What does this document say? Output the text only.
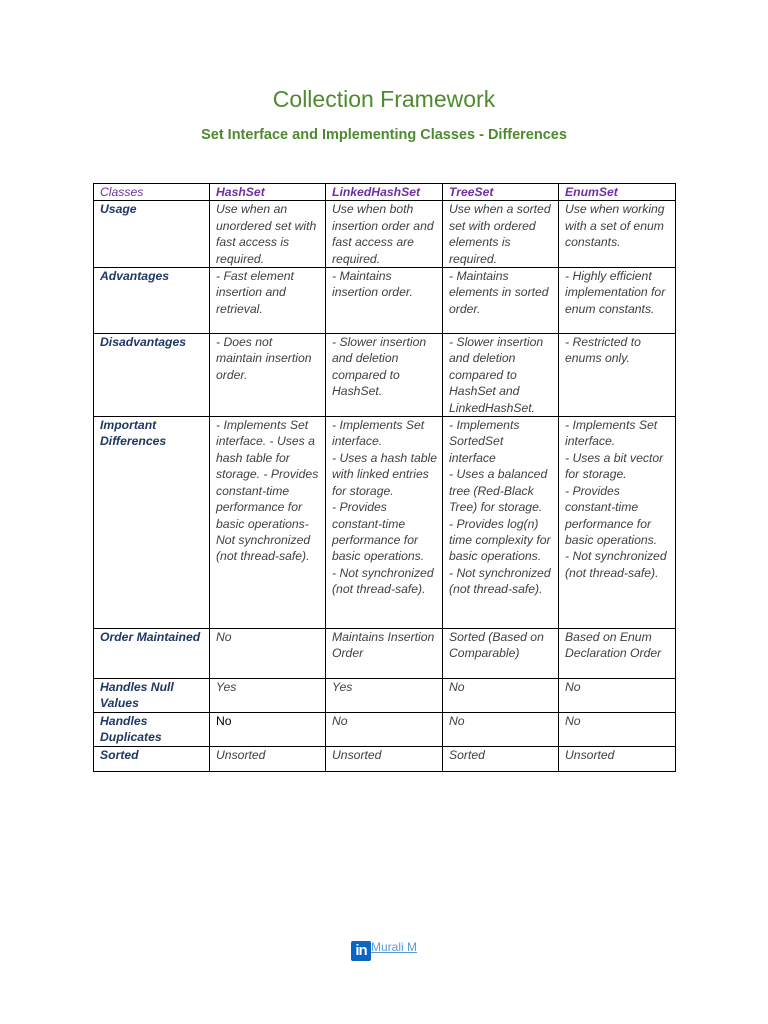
Collection Framework
Set Interface and Implementing Classes - Differences
Classes	HashSet	LinkedHashSet	TreeSet	EnumSet
Usage	Use when an unordered set with fast access is required.	Use when both insertion order and fast access are required.	Use when a sorted set with ordered elements is required.	Use when working with a set of enum constants.
Advantages	- Fast element insertion and retrieval.	- Maintains insertion order.	- Maintains elements in sorted order.	- Highly efficient implementation for enum constants.
Disadvantages	- Does not maintain insertion order.	- Slower insertion and deletion compared to HashSet.	- Slower insertion and deletion compared to HashSet and LinkedHashSet.	- Restricted to enums only.
Important Differences	- Implements Set interface. - Uses a hash table for storage. - Provides constant-time performance for basic operations- Not synchronized (not thread-safe).	- Implements Set interface.
- Uses a hash table with linked entries for storage.
- Provides constant-time performance for basic operations.
- Not synchronized (not thread-safe).	- Implements SortedSet interface
- Uses a balanced tree (Red-Black Tree) for storage.
- Provides log(n) time complexity for basic operations.
- Not synchronized (not thread-safe).	- Implements Set interface.
- Uses a bit vector for storage.
- Provides constant-time performance for basic operations.
- Not synchronized (not thread-safe).
Order Maintained	No	Maintains Insertion Order	Sorted (Based on Comparable)	Based on Enum Declaration Order
Handles Null Values	Yes	Yes	No	No
Handles Duplicates	No	No	No	No
Sorted	Unsorted	Unsorted	Sorted	Unsorted
in Murali M
